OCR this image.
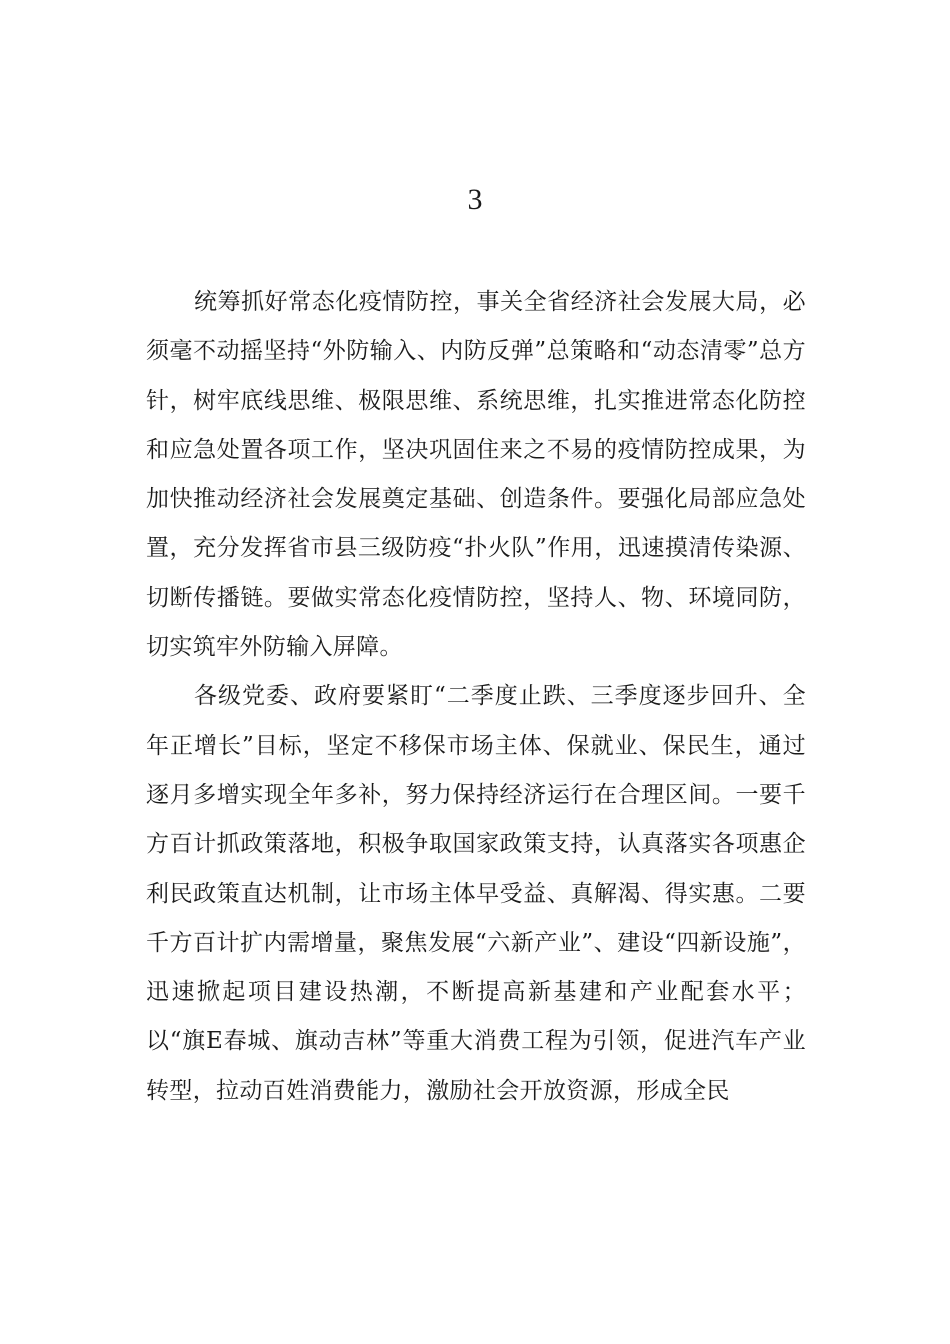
3

统筹抓好常态化疫情防控，事关全省经济社会发展大局，必须毫不动摇坚持“外防输入、内防反弹”总策略和“动态清零”总方针，树牢底线思维、极限思维、系统思维，扎实推进常态化防控和应急处置各项工作，坚决巩固住来之不易的疫情防控成果，为加快推动经济社会发展奠定基础、创造条件。要强化局部应急处置，充分发挥省市县三级防疫“扑火队”作用，迅速摸清传染源、切断传播链。要做实常态化疫情防控，坚持人、物、环境同防，切实筑牢外防输入屏障。

各级党委、政府要紧盯“二季度止跌、三季度逐步回升、全年正增长”目标，坚定不移保市场主体、保就业、保民生，通过逐月多增实现全年多补，努力保持经济运行在合理区间。一要千方百计抓政策落地，积极争取国家政策支持，认真落实各项惠企利民政策直达机制，让市场主体早受益、真解渴、得实惠。二要千方百计扩内需增量，聚焦发展“六新产业”、建设“四新设施”，迅速掀起项目建设热潮，不断提高新基建和产业配套水平；以“旗E春城、旗动吉林”等重大消费工程为引领，促进汽车产业转型，拉动百姓消费能力，激励社会开放资源，形成全民
